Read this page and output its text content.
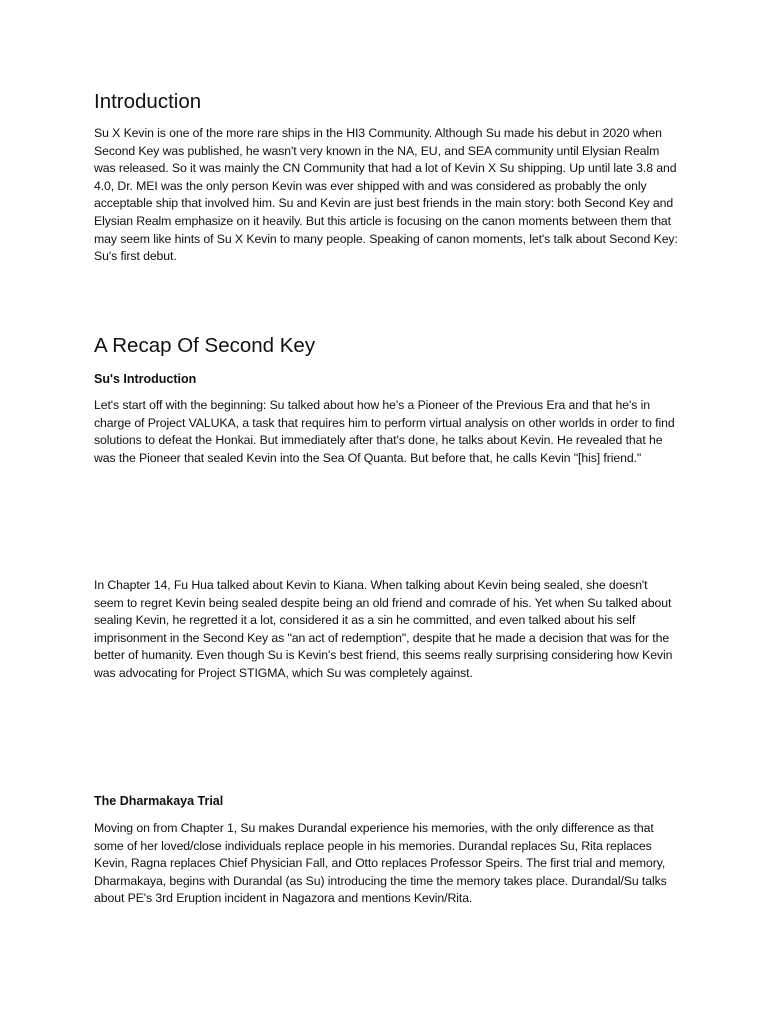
Introduction

Su X Kevin is one of the more rare ships in the HI3 Community. Although Su made his debut in 2020 when Second Key was published, he wasn't very known in the NA, EU, and SEA community until Elysian Realm was released. So it was mainly the CN Community that had a lot of Kevin X Su shipping. Up until late 3.8 and 4.0, Dr. MEI was the only person Kevin was ever shipped with and was considered as probably the only acceptable ship that involved him. Su and Kevin are just best friends in the main story: both Second Key and Elysian Realm emphasize on it heavily. But this article is focusing on the canon moments between them that may seem like hints of Su X Kevin to many people. Speaking of canon moments, let's talk about Second Key: Su's first debut.

A Recap Of Second Key
Su's Introduction

Let's start off with the beginning: Su talked about how he's a Pioneer of the Previous Era and that he's in charge of Project VALUKA, a task that requires him to perform virtual analysis on other worlds in order to find solutions to defeat the Honkai. But immediately after that's done, he talks about Kevin. He revealed that he was the Pioneer that sealed Kevin into the Sea Of Quanta. But before that, he calls Kevin "[his] friend."

In Chapter 14, Fu Hua talked about Kevin to Kiana. When talking about Kevin being sealed, she doesn't seem to regret Kevin being sealed despite being an old friend and comrade of his. Yet when Su talked about sealing Kevin, he regretted it a lot, considered it as a sin he committed, and even talked about his self imprisonment in the Second Key as "an act of redemption", despite that he made a decision that was for the better of humanity. Even though Su is Kevin's best friend, this seems really surprising considering how Kevin was advocating for Project STIGMA, which Su was completely against.

The Dharmakaya Trial

Moving on from Chapter 1, Su makes Durandal experience his memories, with the only difference as that some of her loved/close individuals replace people in his memories. Durandal replaces Su, Rita replaces Kevin, Ragna replaces Chief Physician Fall, and Otto replaces Professor Speirs. The first trial and memory, Dharmakaya, begins with Durandal (as Su) introducing the time the memory takes place. Durandal/Su talks about PE's 3rd Eruption incident in Nagazora and mentions Kevin/Rita.
